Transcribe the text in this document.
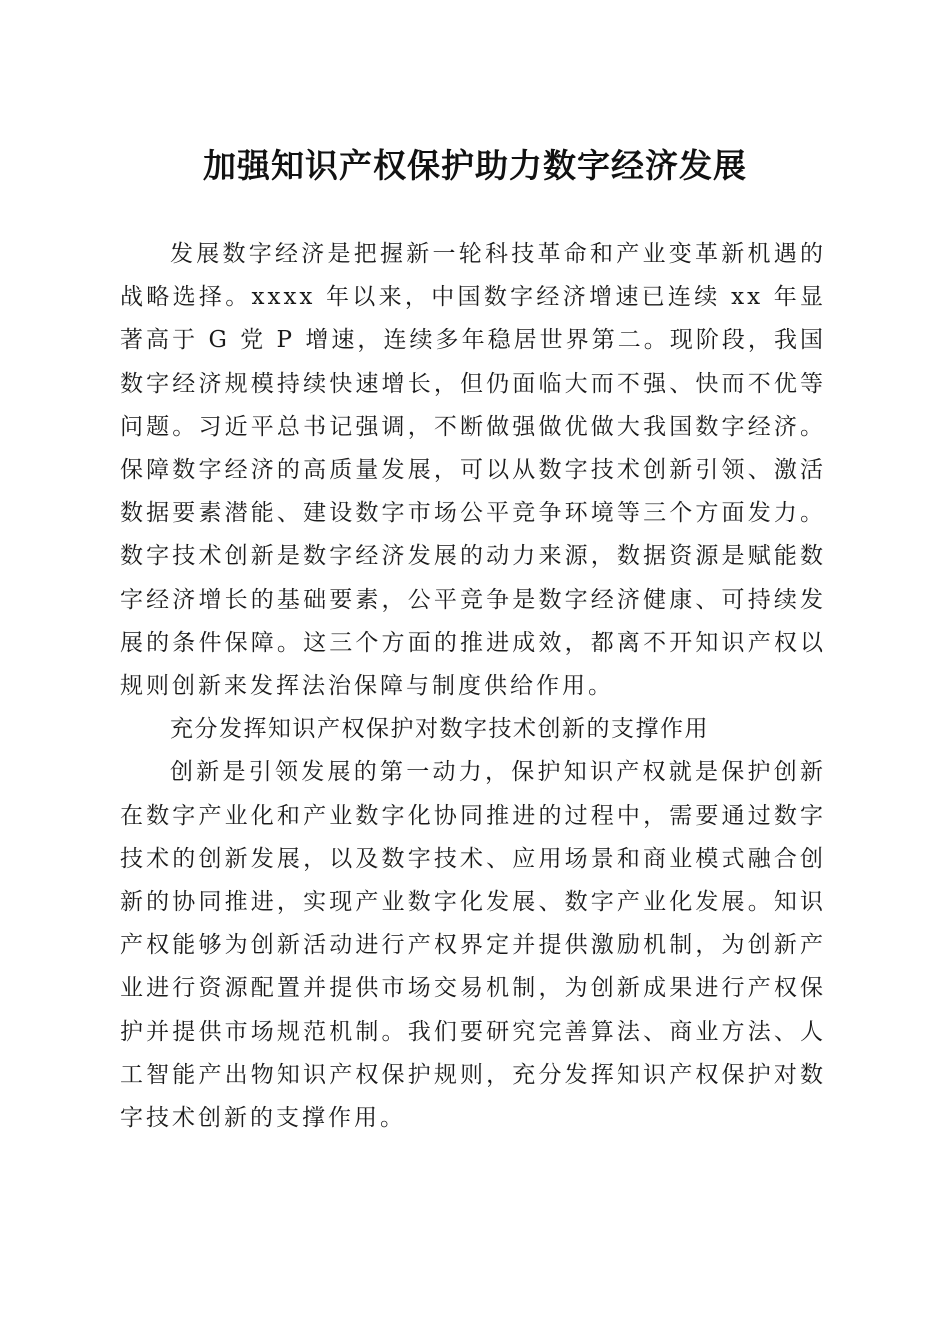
加强知识产权保护助力数字经济发展

发展数字经济是把握新一轮科技革命和产业变革新机遇的战略选择。xxxx 年以来，中国数字经济增速已连续 xx 年显著高于 G 党 P 增速，连续多年稳居世界第二。现阶段，我国数字经济规模持续快速增长，但仍面临大而不强、快而不优等问题。习近平总书记强调，不断做强做优做大我国数字经济。保障数字经济的高质量发展，可以从数字技术创新引领、激活数据要素潜能、建设数字市场公平竞争环境等三个方面发力。数字技术创新是数字经济发展的动力来源，数据资源是赋能数字经济增长的基础要素，公平竞争是数字经济健康、可持续发展的条件保障。这三个方面的推进成效，都离不开知识产权以规则创新来发挥法治保障与制度供给作用。

充分发挥知识产权保护对数字技术创新的支撑作用

创新是引领发展的第一动力，保护知识产权就是保护创新在数字产业化和产业数字化协同推进的过程中，需要通过数字技术的创新发展，以及数字技术、应用场景和商业模式融合创新的协同推进，实现产业数字化发展、数字产业化发展。知识产权能够为创新活动进行产权界定并提供激励机制，为创新产业进行资源配置并提供市场交易机制，为创新成果进行产权保护并提供市场规范机制。我们要研究完善算法、商业方法、人工智能产出物知识产权保护规则，充分发挥知识产权保护对数字技术创新的支撑作用。
